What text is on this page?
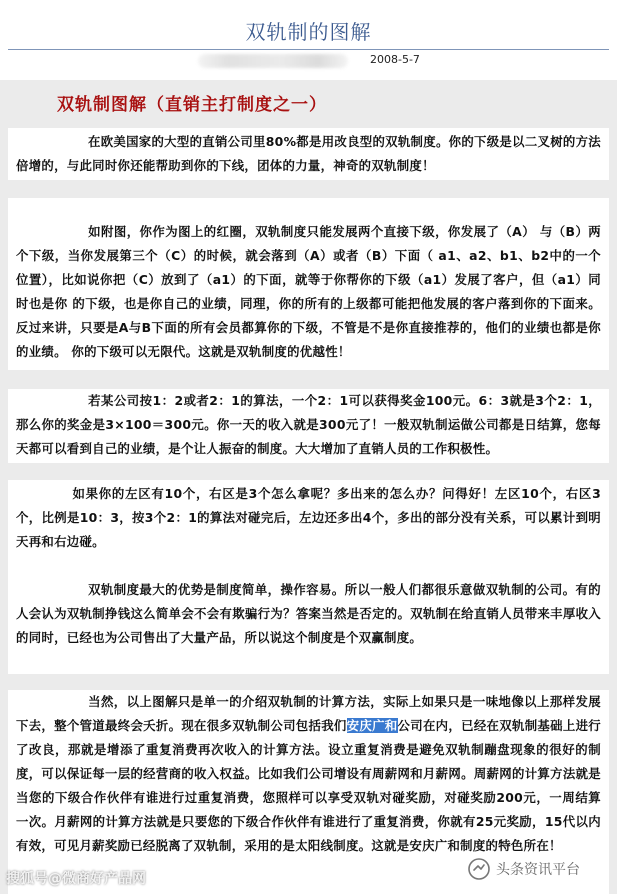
双轨制的图解
2008-5-7
双轨制图解（直销主打制度之一）
在欧美国家的大型的直销公司里80%都是用改良型的双轨制度。你的下级是以二叉树的方法倍增的，与此同时你还能帮助到你的下线，团体的力量，神奇的双轨制度！
如附图，你作为图上的红圈，双轨制度只能发展两个直接下级，你发展了（A） 与（B）两个下级，当你发展第三个（C）的时候，就会落到（A）或者（B）下面（ a1、a2、b1、b2中的一个位置），比如说你把（C）放到了（a1）的下面，就等于你帮你的下级（a1）发展了客户，但（a1）同时也是你 的下级，也是你自己的业绩，同理，你的所有的上级都可能把他发展的客户落到你的下面来。反过来讲，只要是A与B下面的所有会员都算你的下级，不管是不是你直接推荐的，他们的业绩也都是你的业绩。 你的下级可以无限代。这就是双轨制度的优越性！
若某公司按1：2或者2：1的算法，一个2：1可以获得奖金100元。6：3就是3个2：1，那么你的奖金是3×100＝300元。你一天的收入就是300元了！一般双轨制运做公司都是日结算，您每天都可以看到自己的业绩，是个让人振奋的制度。大大增加了直销人员的工作积极性。
如果你的左区有10个，右区是3个怎么拿呢？多出来的怎么办？问得好！左区10个，右区3个，比例是10：3，按3个2：1的算法对碰完后，左边还多出4个，多出的部分没有关系，可以累计到明天再和右边碰。
双轨制度最大的优势是制度简单，操作容易。所以一般人们都很乐意做双轨制的公司。有的人会认为双轨制挣钱这么简单会不会有欺骗行为？答案当然是否定的。双轨制在给直销人员带来丰厚收入的同时，已经也为公司售出了大量产品，所以说这个制度是个双赢制度。
当然，以上图解只是单一的介绍双轨制的计算方法，实际上如果只是一味地像以上那样发展下去，整个管道最终会夭折。现在很多双轨制公司包括我们安庆广和公司在内，已经在双轨制基础上进行了改良，那就是增添了重复消费再次收入的计算方法。设立重复消费是避免双轨制蹦盘现象的很好的制度，可以保证每一层的经营商的收入权益。比如我们公司增设有周薪网和月薪网。周薪网的计算方法就是当您的下级合作伙伴有谁进行过重复消费，您照样可以享受双轨对碰奖励，对碰奖励200元，一周结算一次。月薪网的计算方法就是只要您的下级合作伙伴有谁进行了重复消费，你就有25元奖励，15代以内有效，可见月薪奖励已经脱离了双轨制，采用的是太阳线制度。这就是安庆广和制度的特色所在！
搜狐号@微商好产品网
头条资讯平台
